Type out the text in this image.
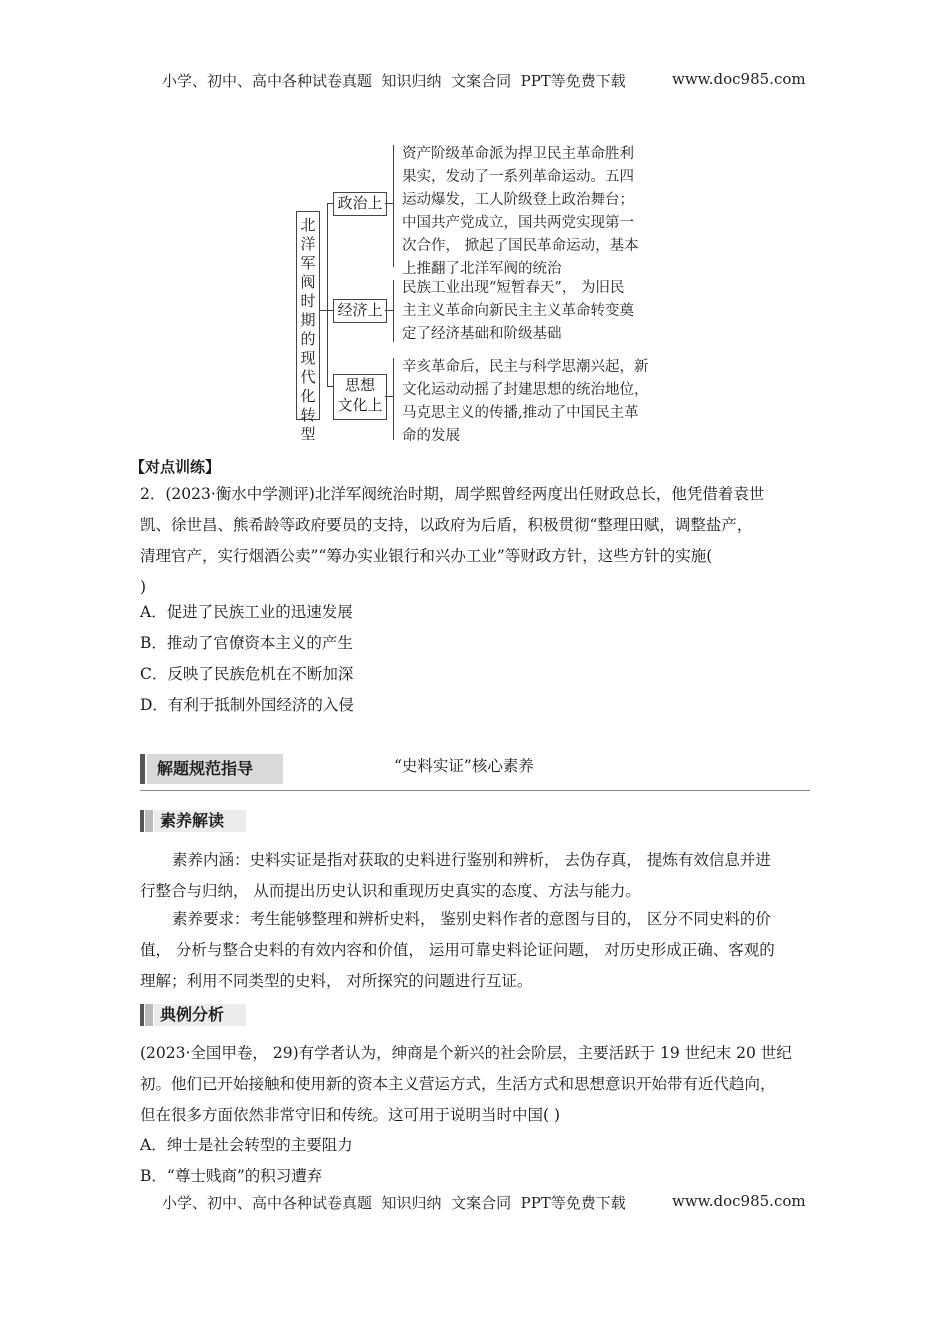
小学、初中、高中各种试卷真题  知识归纳  文案合同  PPT等免费下载	www.doc985.com
北洋军阀时期的现代化转型
政治上
经济上
思想
文化上
资产阶级革命派为捍卫民主革命胜利
果实，发动了一系列革命运动。五四
运动爆发，工人阶级登上政治舞台；
中国共产党成立，国共两党实现第一
次合作， 掀起了国民革命运动，基本
上推翻了北洋军阀的统治
民族工业出现“短暂春天”， 为旧民
主主义革命向新民主主义革命转变奠
定了经济基础和阶级基础
辛亥革命后，民主与科学思潮兴起，新
文化运动动摇了封建思想的统治地位，
马克思主义的传播,推动了中国民主革
命的发展
【对点训练】
2．(2023·衡水中学测评)北洋军阀统治时期，周学熙曾经两度出任财政总长，他凭借着袁世
凯、徐世昌、熊希龄等政府要员的支持，以政府为后盾，积极贯彻“整理田赋，调整盐产，
清理官产，实行烟酒公卖”“筹办实业银行和兴办工业”等财政方针，这些方针的实施(
)
A．促进了民族工业的迅速发展
B．推动了官僚资本主义的产生
C．反映了民族危机在不断加深
D．有利于抵制外国经济的入侵
解题规范指导	“史料实证”核心素养
素养解读
素养内涵：史料实证是指对获取的史料进行鉴别和辨析， 去伪存真， 提炼有效信息并进
行整合与归纳， 从而提出历史认识和重现历史真实的态度、方法与能力。
素养要求：考生能够整理和辨析史料， 鉴别史料作者的意图与目的， 区分不同史料的价
值， 分析与整合史料的有效内容和价值， 运用可靠史料论证问题， 对历史形成正确、客观的
理解；利用不同类型的史料， 对所探究的问题进行互证。
典例分析
(2023·全国甲卷， 29)有学者认为，绅商是个新兴的社会阶层，主要活跃于 19 世纪末 20 世纪
初。他们已开始接触和使用新的资本主义营运方式，生活方式和思想意识开始带有近代趋向，
但在很多方面依然非常守旧和传统。这可用于说明当时中国( )
A．绅士是社会转型的主要阻力
B．“尊士贱商”的积习遭弃
小学、初中、高中各种试卷真题  知识归纳  文案合同  PPT等免费下载	www.doc985.com
